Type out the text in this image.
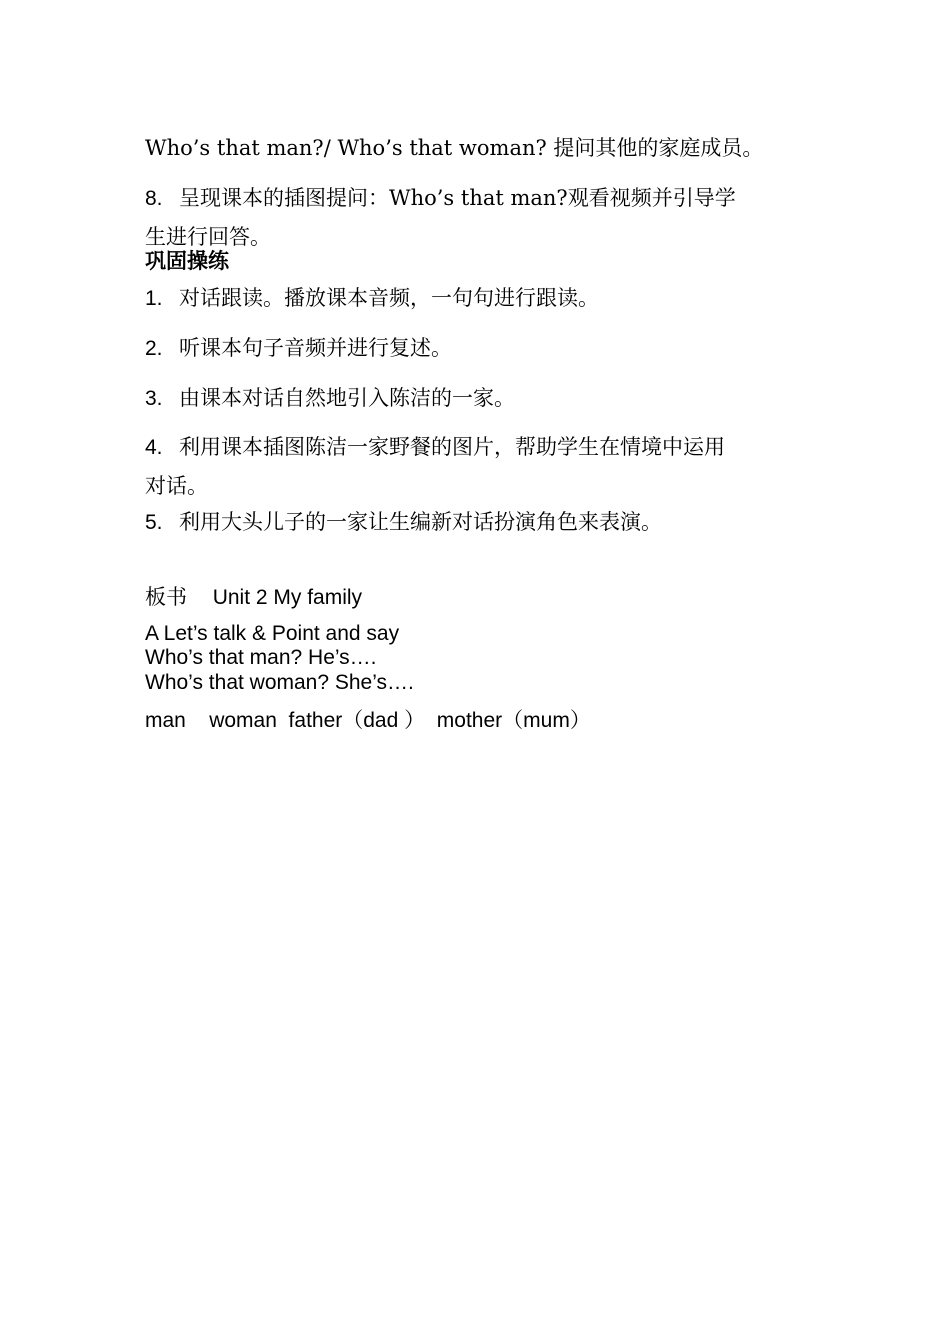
Who’s that man?/ Who’s that woman? 提问其他的家庭成员。
8. 呈现课本的插图提问：Who’s that man?观看视频并引导学
生进行回答。
巩固操练
1. 对话跟读。播放课本音频，一句句进行跟读。
2. 听课本句子音频并进行复述。
3. 由课本对话自然地引入陈洁的一家。
4. 利用课本插图陈洁一家野餐的图片，帮助学生在情境中运用
对话。
5. 利用大头儿子的一家让生编新对话扮演角色来表演。
板书 Unit 2 My family
A Let’s talk & Point and say
Who’s that man? He’s….
Who’s that woman? She’s….
man    woman  father（dad ）  mother（mum）
